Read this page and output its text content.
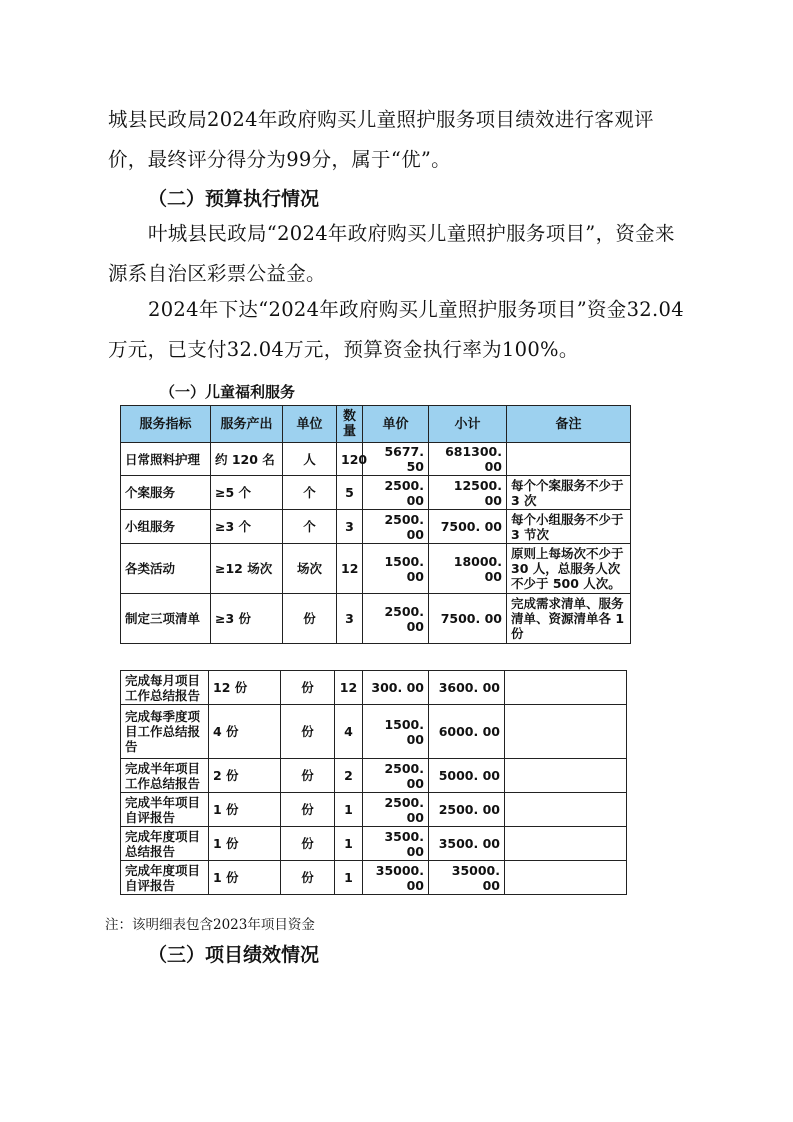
城县民政局2024年政府购买儿童照护服务项目绩效进行客观评
价，最终评分得分为99分，属于“优”。
（二）预算执行情况
叶城县民政局“2024年政府购买儿童照护服务项目”，资金来源系自治区彩票公益金。
2024年下达“2024年政府购买儿童照护服务项目”资金32.04万元，已支付32.04万元，预算资金执行率为100%。
（一）儿童福利服务
服务指标	服务产出	单位	数量	单价	小计	备注
日常照料护理	约 120 名	人	120	5677. 50	681300. 00	
个案服务	≥5 个	个	5	2500. 00	12500. 00	每个个案服务不少于 3 次
小组服务	≥3 个	个	3	2500. 00	7500. 00	每个小组服务不少于 3 节次
各类活动	≥12 场次	场次	12	1500. 00	18000. 00	原则上每场次不少于 30 人，总服务人次不少于 500 人次。
制定三项清单	≥3 份	份	3	2500. 00	7500. 00	完成需求清单、服务清单、资源清单各 1 份
完成每月项目工作总结报告	12 份	份	12	300. 00	3600. 00	
完成每季度项目工作总结报告	4 份	份	4	1500. 00	6000. 00	
完成半年项目工作总结报告	2 份	份	2	2500. 00	5000. 00	
完成半年项目自评报告	1 份	份	1	2500. 00	2500. 00	
完成年度项目总结报告	1 份	份	1	3500. 00	3500. 00	
完成年度项目自评报告	1 份	份	1	35000. 00	35000. 00	
注：该明细表包含2023年项目资金
（三）项目绩效情况
